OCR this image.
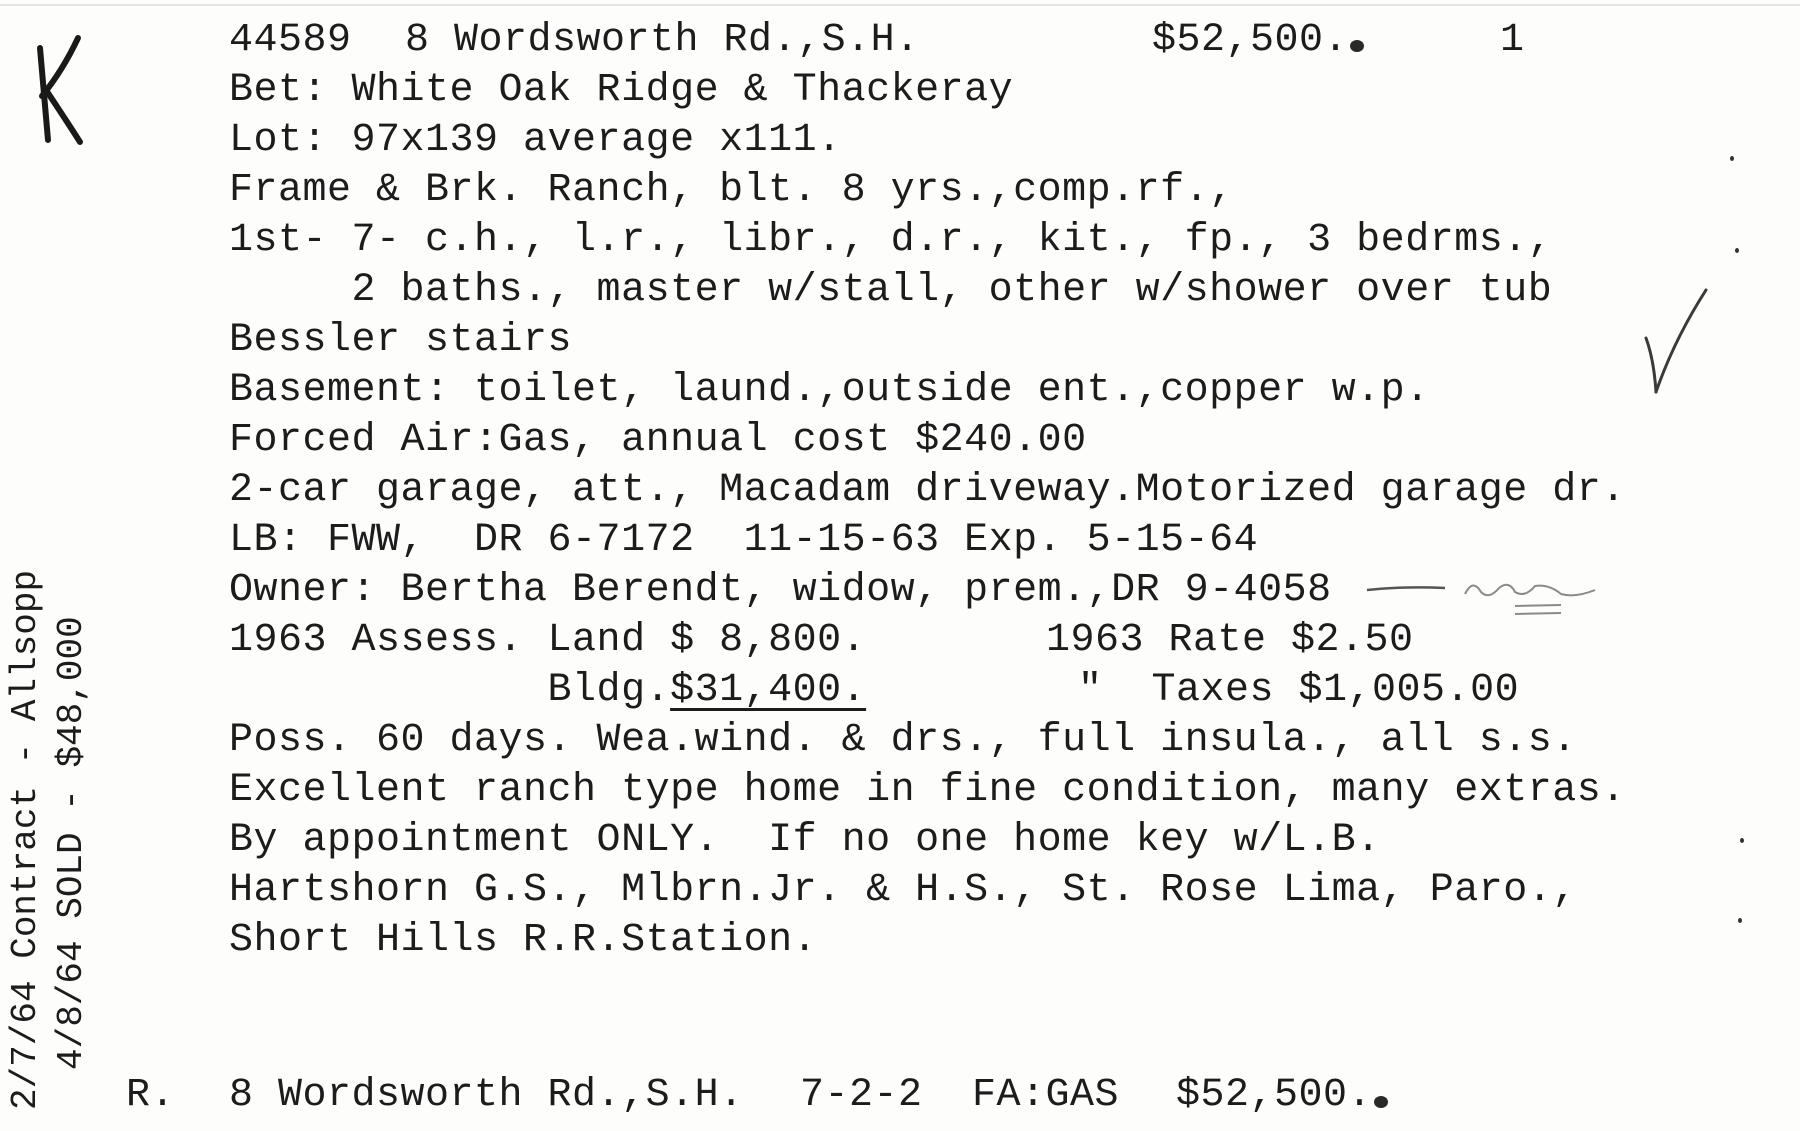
44589 8 Wordsworth Rd.,S.H.	$52,500.	1
Bet: White Oak Ridge & Thackeray
Lot: 97x139 average x111.
Frame & Brk. Ranch, blt. 8 yrs.,comp.rf.,
1st- 7- c.h., l.r., libr., d.r., kit., fp., 3 bedrms.,
2 baths., master w/stall, other w/shower over tub
Bessler stairs
Basement: toilet, laund.,outside ent.,copper w.p.
Forced Air:Gas, annual cost $240.00
2-car garage, att., Macadam driveway.Motorized garage dr.
LB: FWW,  DR 6-7172  11-15-63 Exp. 5-15-64
Owner: Bertha Berendt, widow, prem.,DR 9-4058
1963 Assess. Land $ 8,800.	1963 Rate $2.50
Bldg.$31,400.	"  Taxes $1,005.00
Poss. 60 days. Wea.wind. & drs., full insula., all s.s.
Excellent ranch type home in fine condition, many extras.
By appointment ONLY.  If no one home key w/L.B.
Hartshorn G.S., Mlbrn.Jr. & H.S., St. Rose Lima, Paro.,
Short Hills R.R.Station.
2/7/64 Contract - Allsopp 4/8/64 SOLD - $48,000
R. 8 Wordsworth Rd.,S.H. 7-2-2 FA:GAS $52,500.
